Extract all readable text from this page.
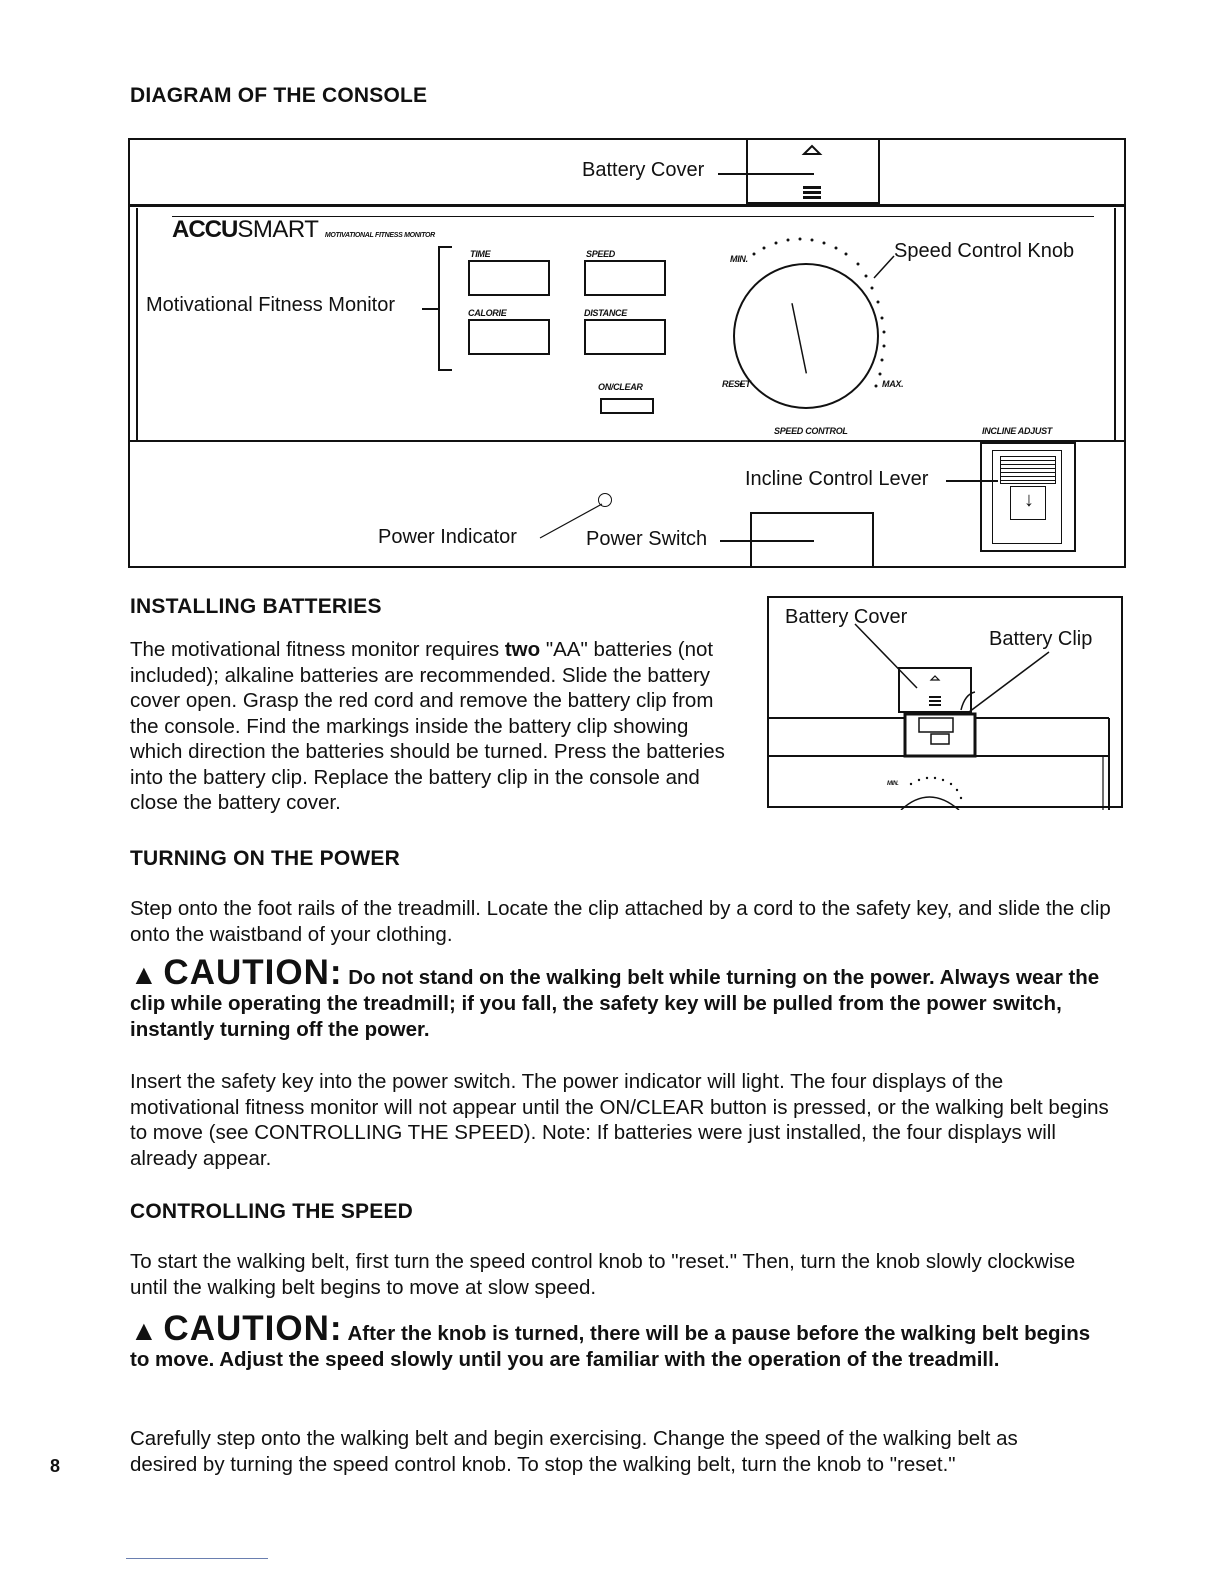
DIAGRAM OF THE CONSOLE
Battery Cover
ACCUSMART MOTIVATIONAL FITNESS MONITOR
Motivational Fitness Monitor
TIME	SPEED
CALORIE	DISTANCE
ON/CLEAR
MIN.
RESET	MAX.
SPEED CONTROL
Speed Control Knob
INCLINE ADJUST
↓
Incline Control Lever
Power Indicator	Power Switch
INSTALLING BATTERIES
The motivational fitness monitor requires two "AA" batteries (not included); alkaline batteries are recommended. Slide the battery cover open. Grasp the red cord and remove the battery clip from the console. Find the markings inside the battery clip showing which direction the batteries should be turned. Press the batteries into the battery clip. Replace the battery clip in the console and close the battery cover.
Battery Cover
Battery Clip
MIN.
TURNING ON THE POWER
Step onto the foot rails of the treadmill. Locate the clip attached by a cord to the safety key, and slide the clip onto the waistband of your clothing.
▲ CAUTION: Do not stand on the walking belt while turning on the power. Always wear the clip while operating the treadmill; if you fall, the safety key will be pulled from the power switch, instantly turning off the power.
Insert the safety key into the power switch. The power indicator will light. The four displays of the motivational fitness monitor will not appear until the ON/CLEAR button is pressed, or the walking belt begins to move (see CONTROLLING THE SPEED). Note: If batteries were just installed, the four displays will already appear.
CONTROLLING THE SPEED
To start the walking belt, first turn the speed control knob to "reset." Then, turn the knob slowly clockwise until the walking belt begins to move at slow speed.
▲ CAUTION: After the knob is turned, there will be a pause before the walking belt begins to move. Adjust the speed slowly until you are familiar with the operation of the treadmill.
Carefully step onto the walking belt and begin exercising. Change the speed of the walking belt as desired by turning the speed control knob. To stop the walking belt, turn the knob to "reset."
8
